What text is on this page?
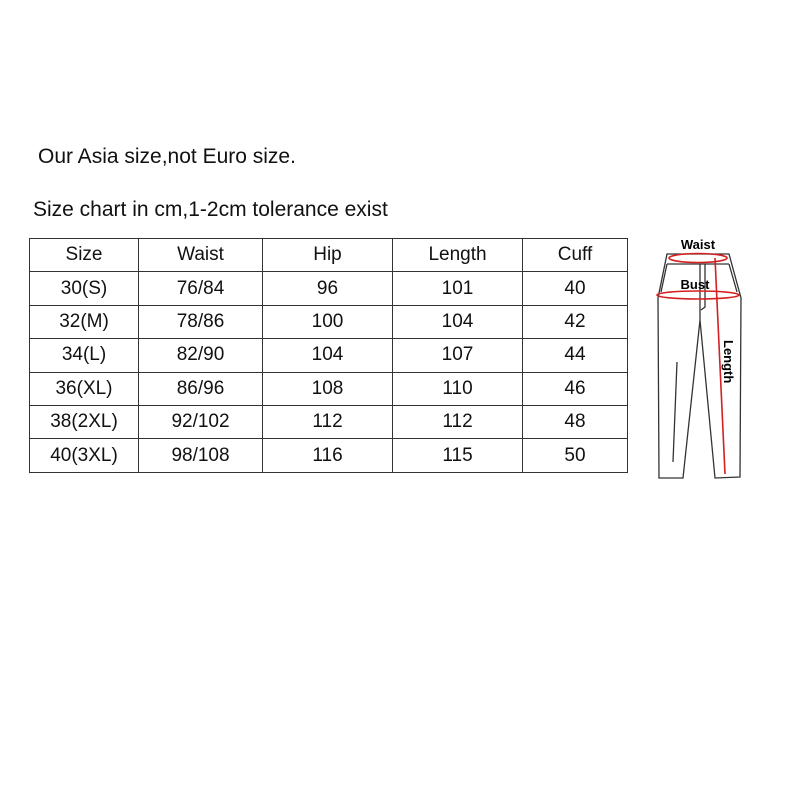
Our Asia size,not Euro size.
Size chart in cm,1-2cm tolerance exist
Size	Waist	Hip	Length	Cuff
30(S)	76/84	96	101	40
32(M)	78/86	100	104	42
34(L)	82/90	104	107	44
36(XL)	86/96	108	110	46
38(2XL)	92/102	112	112	48
40(3XL)	98/108	116	115	50
Waist
Bust
Length
